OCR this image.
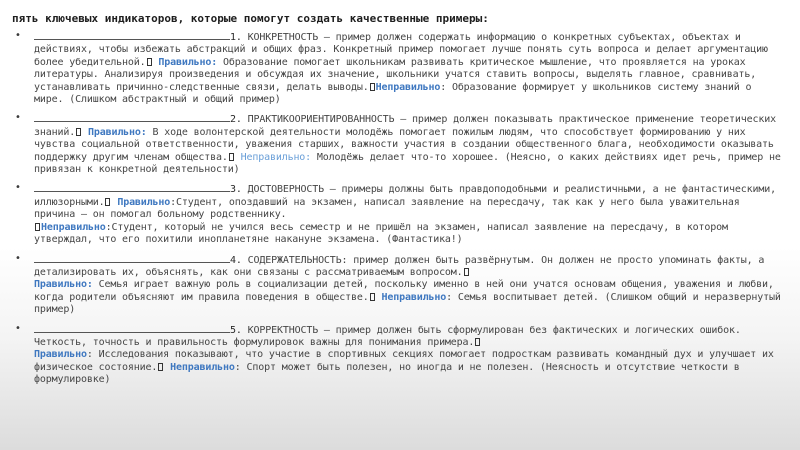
пять ключевых индикаторов, которые помогут создать качественные примеры:
•	1. КОНКРЕТНОСТЬ — пример должен содержать информацию о конкретных субъектах, объектах и действиях, чтобы избежать абстракций и общих фраз. Конкретный пример помогает лучше понять суть вопроса и делает аргументацию более убедительной. Правильно: Образование помогает школьникам развивать критическое мышление, что проявляется на уроках литературы. Анализируя произведения и обсуждая их значение, школьники учатся ставить вопросы, выделять главное, сравнивать, устанавливать причинно-следственные связи, делать выводы. Неправильно: Образование формирует у школьников систему знаний о мире. (Слишком абстрактный и общий пример)
•	2. ПРАКТИКООРИЕНТИРОВАННОСТЬ — пример должен показывать практическое применение теоретических знаний. Правильно: В ходе волонтерской деятельности молодёжь помогает пожилым людям, что способствует формированию у них чувства социальной ответственности, уважения старших, важности участия в создании общественного блага, необходимости оказывать поддержку другим членам общества. Неправильно: Молодёжь делает что-то хорошее. (Неясно, о каких действиях идет речь, пример не привязан к конкретной деятельности)
•	3. ДОСТОВЕРНОСТЬ — примеры должны быть правдоподобными и реалистичными, а не фантастическими, иллюзорными. Правильно:Студент, опоздавший на экзамен, написал заявление на пересдачу, так как у него была уважительная причина — он помогал больному родственнику.
Неправильно:Студент, который не учился весь семестр и не пришёл на экзамен, написал заявление на пересдачу, в котором утверждал, что его похитили инопланетяне накануне экзамена. (Фантастика!)
•	4. СОДЕРЖАТЕЛЬНОСТЬ: пример должен быть развёрнутым. Он должен не просто упоминать факты, а детализировать их, объяснять, как они связаны с рассматриваемым вопросом.
Правильно: Семья играет важную роль в социализации детей, поскольку именно в ней они учатся основам общения, уважения и любви, когда родители объясняют им правила поведения в обществе. Неправильно: Семья воспитывает детей. (Слишком общий и неразвернутый пример)
•	5. КОРРЕКТНОСТЬ — пример должен быть сформулирован без фактических и логических ошибок. Четкость, точность и правильность формулировок важны для понимания примера.
Правильно: Исследования показывают, что участие в спортивных секциях помогает подросткам развивать командный дух и улучшает их физическое состояние. Неправильно: Спорт может быть полезен, но иногда и не полезен. (Неясность и отсутствие четкости в формулировке)
